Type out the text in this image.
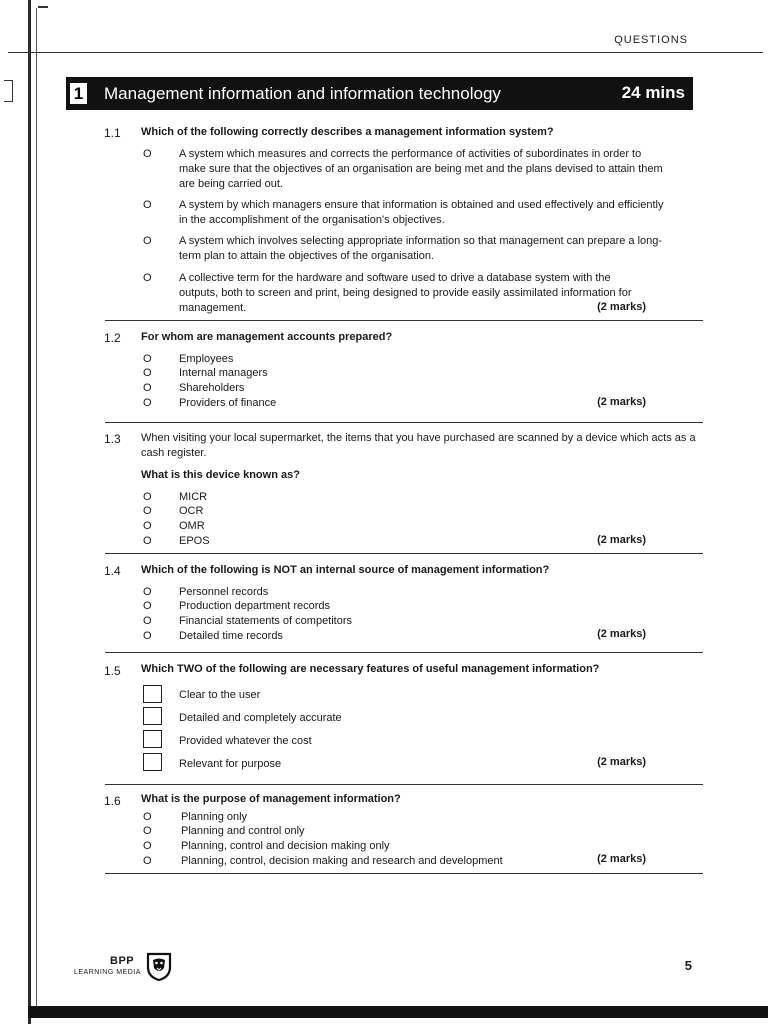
QUESTIONS
1 Management information and information technology	24 mins
1.1 Which of the following correctly describes a management information system?
O A system which measures and corrects the performance of activities of subordinates in order to make sure that the objectives of an organisation are being met and the plans devised to attain them are being carried out.
O A system by which managers ensure that information is obtained and used effectively and efficiently in the accomplishment of the organisation's objectives.
O A system which involves selecting appropriate information so that management can prepare a long-term plan to attain the objectives of the organisation.
O A collective term for the hardware and software used to drive a database system with the outputs, both to screen and print, being designed to provide easily assimilated information for management.	(2 marks)
1.2 For whom are management accounts prepared?
O Employees
O Internal managers
O Shareholders
O Providers of finance	(2 marks)
1.3 When visiting your local supermarket, the items that you have purchased are scanned by a device which acts as a cash register.
What is this device known as?
O MICR
O OCR
O OMR
O EPOS	(2 marks)
1.4 Which of the following is NOT an internal source of management information?
O Personnel records
O Production department records
O Financial statements of competitors
O Detailed time records	(2 marks)
1.5 Which TWO of the following are necessary features of useful management information?
Clear to the user
Detailed and completely accurate
Provided whatever the cost
Relevant for purpose	(2 marks)
1.6 What is the purpose of management information?
O	Planning only
O	Planning and control only
O	Planning, control and decision making only
O	Planning, control, decision making and research and development	(2 marks)
BPP
LEARNING MEDIA	5
